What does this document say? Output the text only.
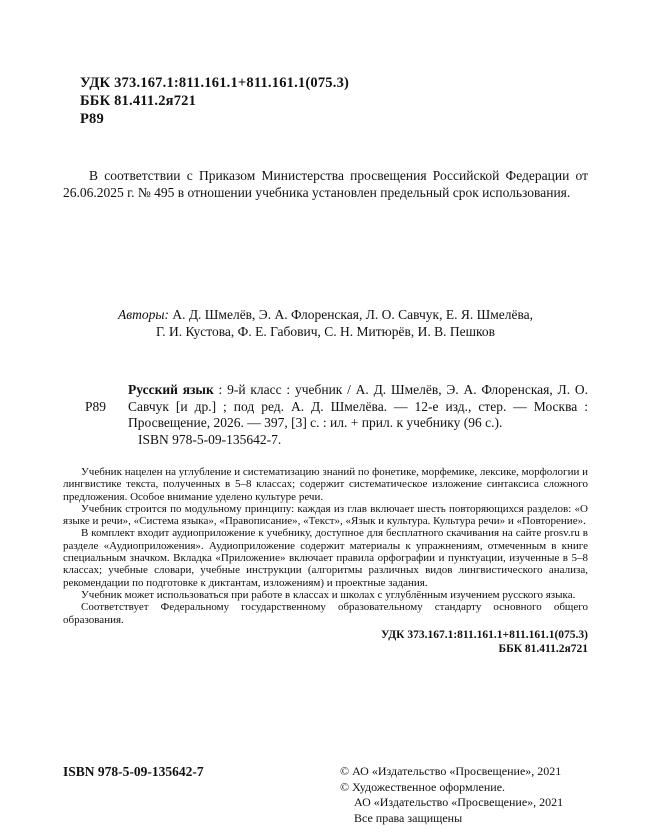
УДК 373.167.1:811.161.1+811.161.1(075.3)
ББК 81.411.2я721
Р89

В соответствии с Приказом Министерства просвещения Российской Федерации от 26.06.2025 г. № 495 в отношении учебника установлен предельный срок использования.

Авторы: А. Д. Шмелёв, Э. А. Флоренская, Л. О. Савчук, Е. Я. Шмелёва,
Г. И. Кустова, Ф. Е. Габович, С. Н. Митюрёв, И. В. Пешков
Р89

Русский язык : 9-й класс : учебник / А. Д. Шмелёв, Э. А. Флоренская, Л. О. Савчук [и др.] ; под ред. А. Д. Шмелёва. — 12-е изд., стер. — Москва : Просвещение, 2026. — 397, [3] с. : ил. + прил. к учебнику (96 с.).

ISBN 978-5-09-135642-7.

Учебник нацелен на углубление и систематизацию знаний по фонетике, морфемике, лексике, морфологии и лингвистике текста, полученных в 5–8 классах; содержит систематическое изложение синтаксиса сложного предложения. Особое внимание уделено культуре речи.

Учебник строится по модульному принципу: каждая из глав включает шесть повторяющихся разделов: «О языке и речи», «Система языка», «Правописание», «Текст», «Язык и культура. Культура речи» и «Повторение».

В комплект входит аудиоприложение к учебнику, доступное для бесплатного скачивания на сайте prosv.ru в разделе «Аудиоприложения». Аудиоприложение содержит материалы к упражнениям, отмеченным в книге специальным значком. Вкладка «Приложение» включает правила орфографии и пунктуации, изученные в 5–8 классах; учебные словари, учебные инструкции (алгоритмы различных видов лингвистического анализа, рекомендации по подготовке к диктантам, изложениям) и проектные задания.

Учебник может использоваться при работе в классах и школах с углублённым изучением русского языка.

Соответствует Федеральному государственному образовательному стандарту основного общего образования.

УДК 373.167.1:811.161.1+811.161.1(075.3)
ББК 81.411.2я721
ISBN 978-5-09-135642-7	© АО «Издательство «Просвещение», 2021
© Художественное оформление.
АО «Издательство «Просвещение», 2021
Все права защищены
